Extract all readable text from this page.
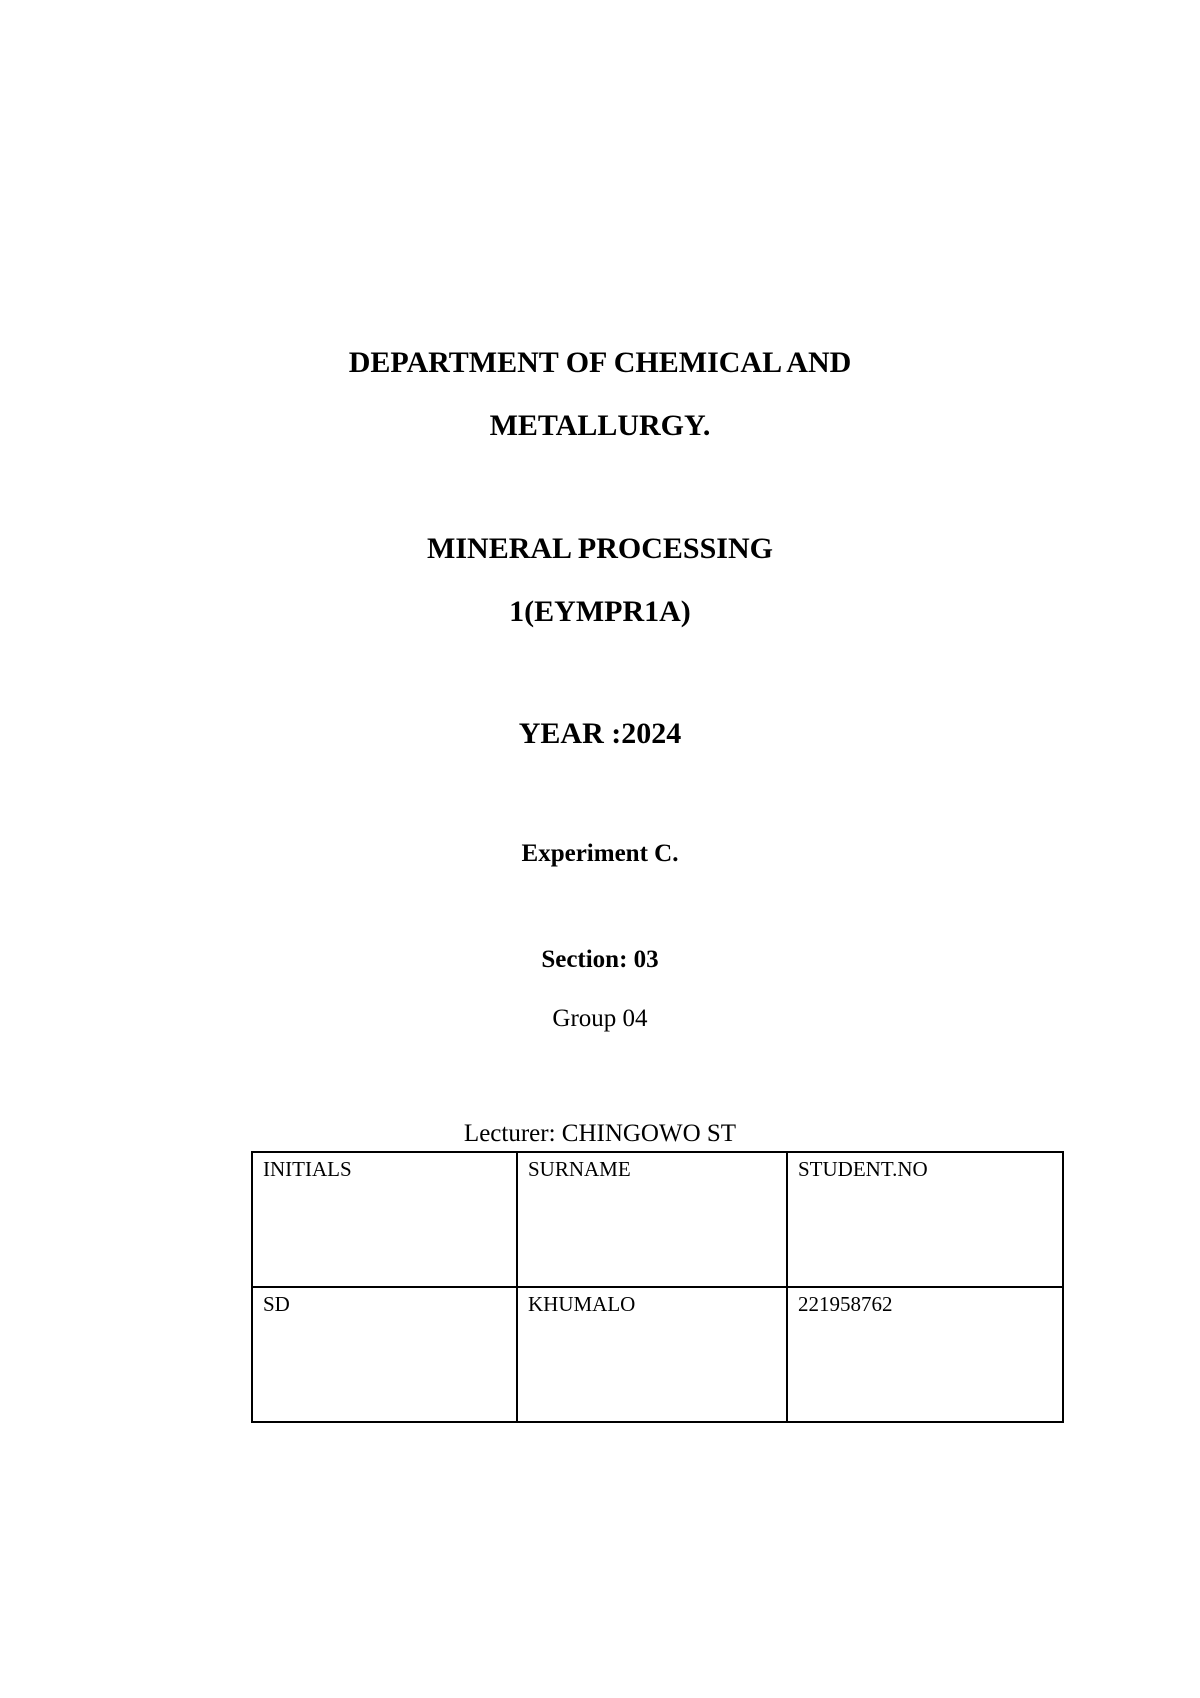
DEPARTMENT OF CHEMICAL AND
METALLURGY.
MINERAL PROCESSING
1(EYMPR1A)
YEAR :2024
Experiment C.
Section: 03
Group 04
Lecturer: CHINGOWO ST
INITIALS	SURNAME	STUDENT.NO
SD	KHUMALO	221958762
